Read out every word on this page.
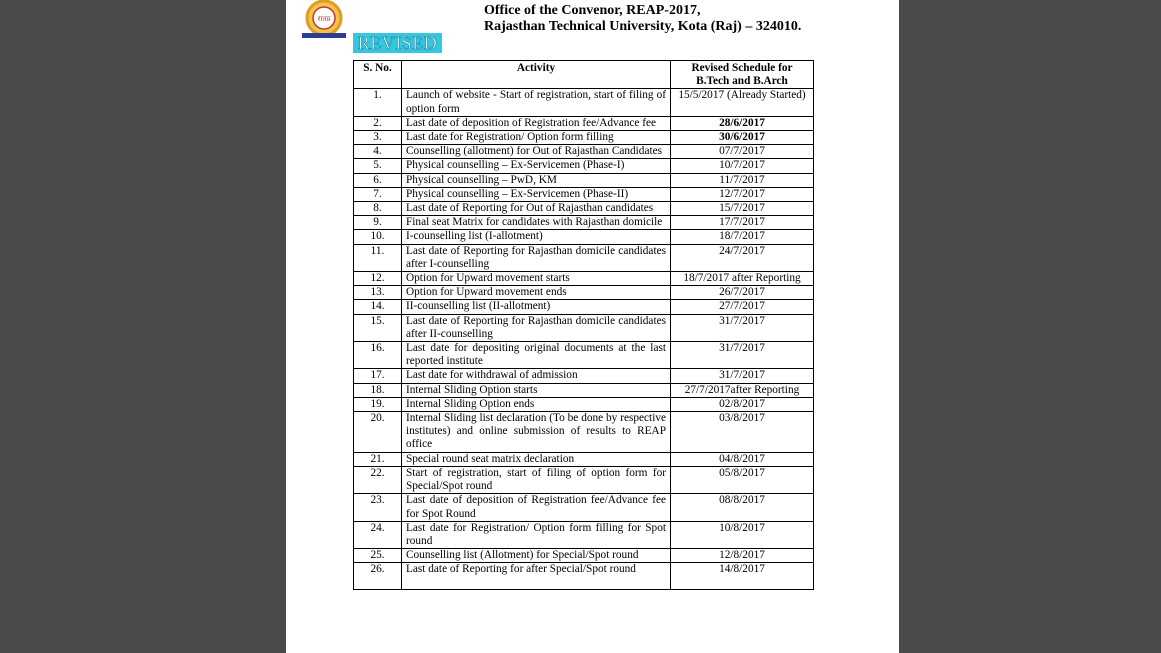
रातप्र
REVISED
Office of the Convenor, REAP-2017,
Rajasthan Technical University, Kota (Raj) – 324010.
S. No.	Activity	Revised Schedule for B.Tech and B.Arch
1.	Launch of website - Start of registration, start of filing of option form	15/5/2017 (Already Started)
2.	Last date of deposition of Registration fee/Advance fee	28/6/2017
3.	Last date for Registration/ Option form filling	30/6/2017
4.	Counselling (allotment) for Out of Rajasthan Candidates	07/7/2017
5.	Physical counselling – Ex-Servicemen (Phase-I)	10/7/2017
6.	Physical counselling – PwD, KM	11/7/2017
7.	Physical counselling – Ex-Servicemen (Phase-II)	12/7/2017
8.	Last date of Reporting for Out of Rajasthan candidates	15/7/2017
9.	Final seat Matrix for candidates with Rajasthan domicile	17/7/2017
10.	I-counselling list (I-allotment)	18/7/2017
11.	Last date of Reporting for Rajasthan domicile candidates after I-counselling	24/7/2017
12.	Option for Upward movement starts	18/7/2017 after Reporting
13.	Option for Upward movement ends	26/7/2017
14.	II-counselling list (II-allotment)	27/7/2017
15.	Last date of Reporting for Rajasthan domicile candidates after II-counselling	31/7/2017
16.	Last date for depositing original documents at the last reported institute	31/7/2017
17.	Last date for withdrawal of admission	31/7/2017
18.	Internal Sliding Option starts	27/7/2017after Reporting
19.	Internal Sliding Option ends	02/8/2017
20.	Internal Sliding list declaration (To be done by respective institutes) and online submission of results to REAP office	03/8/2017
21.	Special round seat matrix declaration	04/8/2017
22.	Start of registration, start of filing of option form for Special/Spot round	05/8/2017
23.	Last date of deposition of Registration fee/Advance fee for Spot Round	08/8/2017
24.	Last date for Registration/ Option form filling for Spot round	10/8/2017
25.	Counselling list (Allotment) for Special/Spot round	12/8/2017
26.	Last date of Reporting for after Special/Spot round	14/8/2017
